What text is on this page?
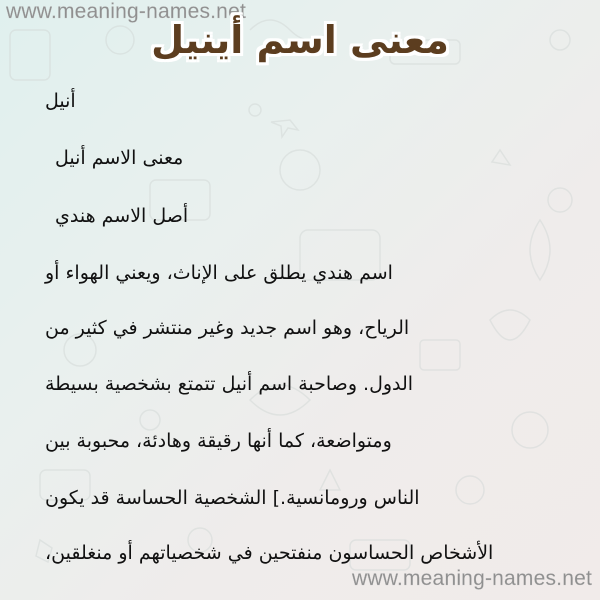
www.meaning-names.net
معنى اسم أينيل
أنيل
معنى الاسم أنيل
أصل الاسم هندي
اسم هندي يطلق على الإناث، ويعني الهواء أو
الرياح، وهو اسم جديد وغير منتشر في كثير من
الدول. وصاحبة اسم أنيل تتمتع بشخصية بسيطة
ومتواضعة، كما أنها رقيقة وهادئة، محبوبة بين
الناس ورومانسية.] الشخصية الحساسة قد يكون
الأشخاص الحساسون منفتحين في شخصياتهم أو منغلقين،
www.meaning-names.net
